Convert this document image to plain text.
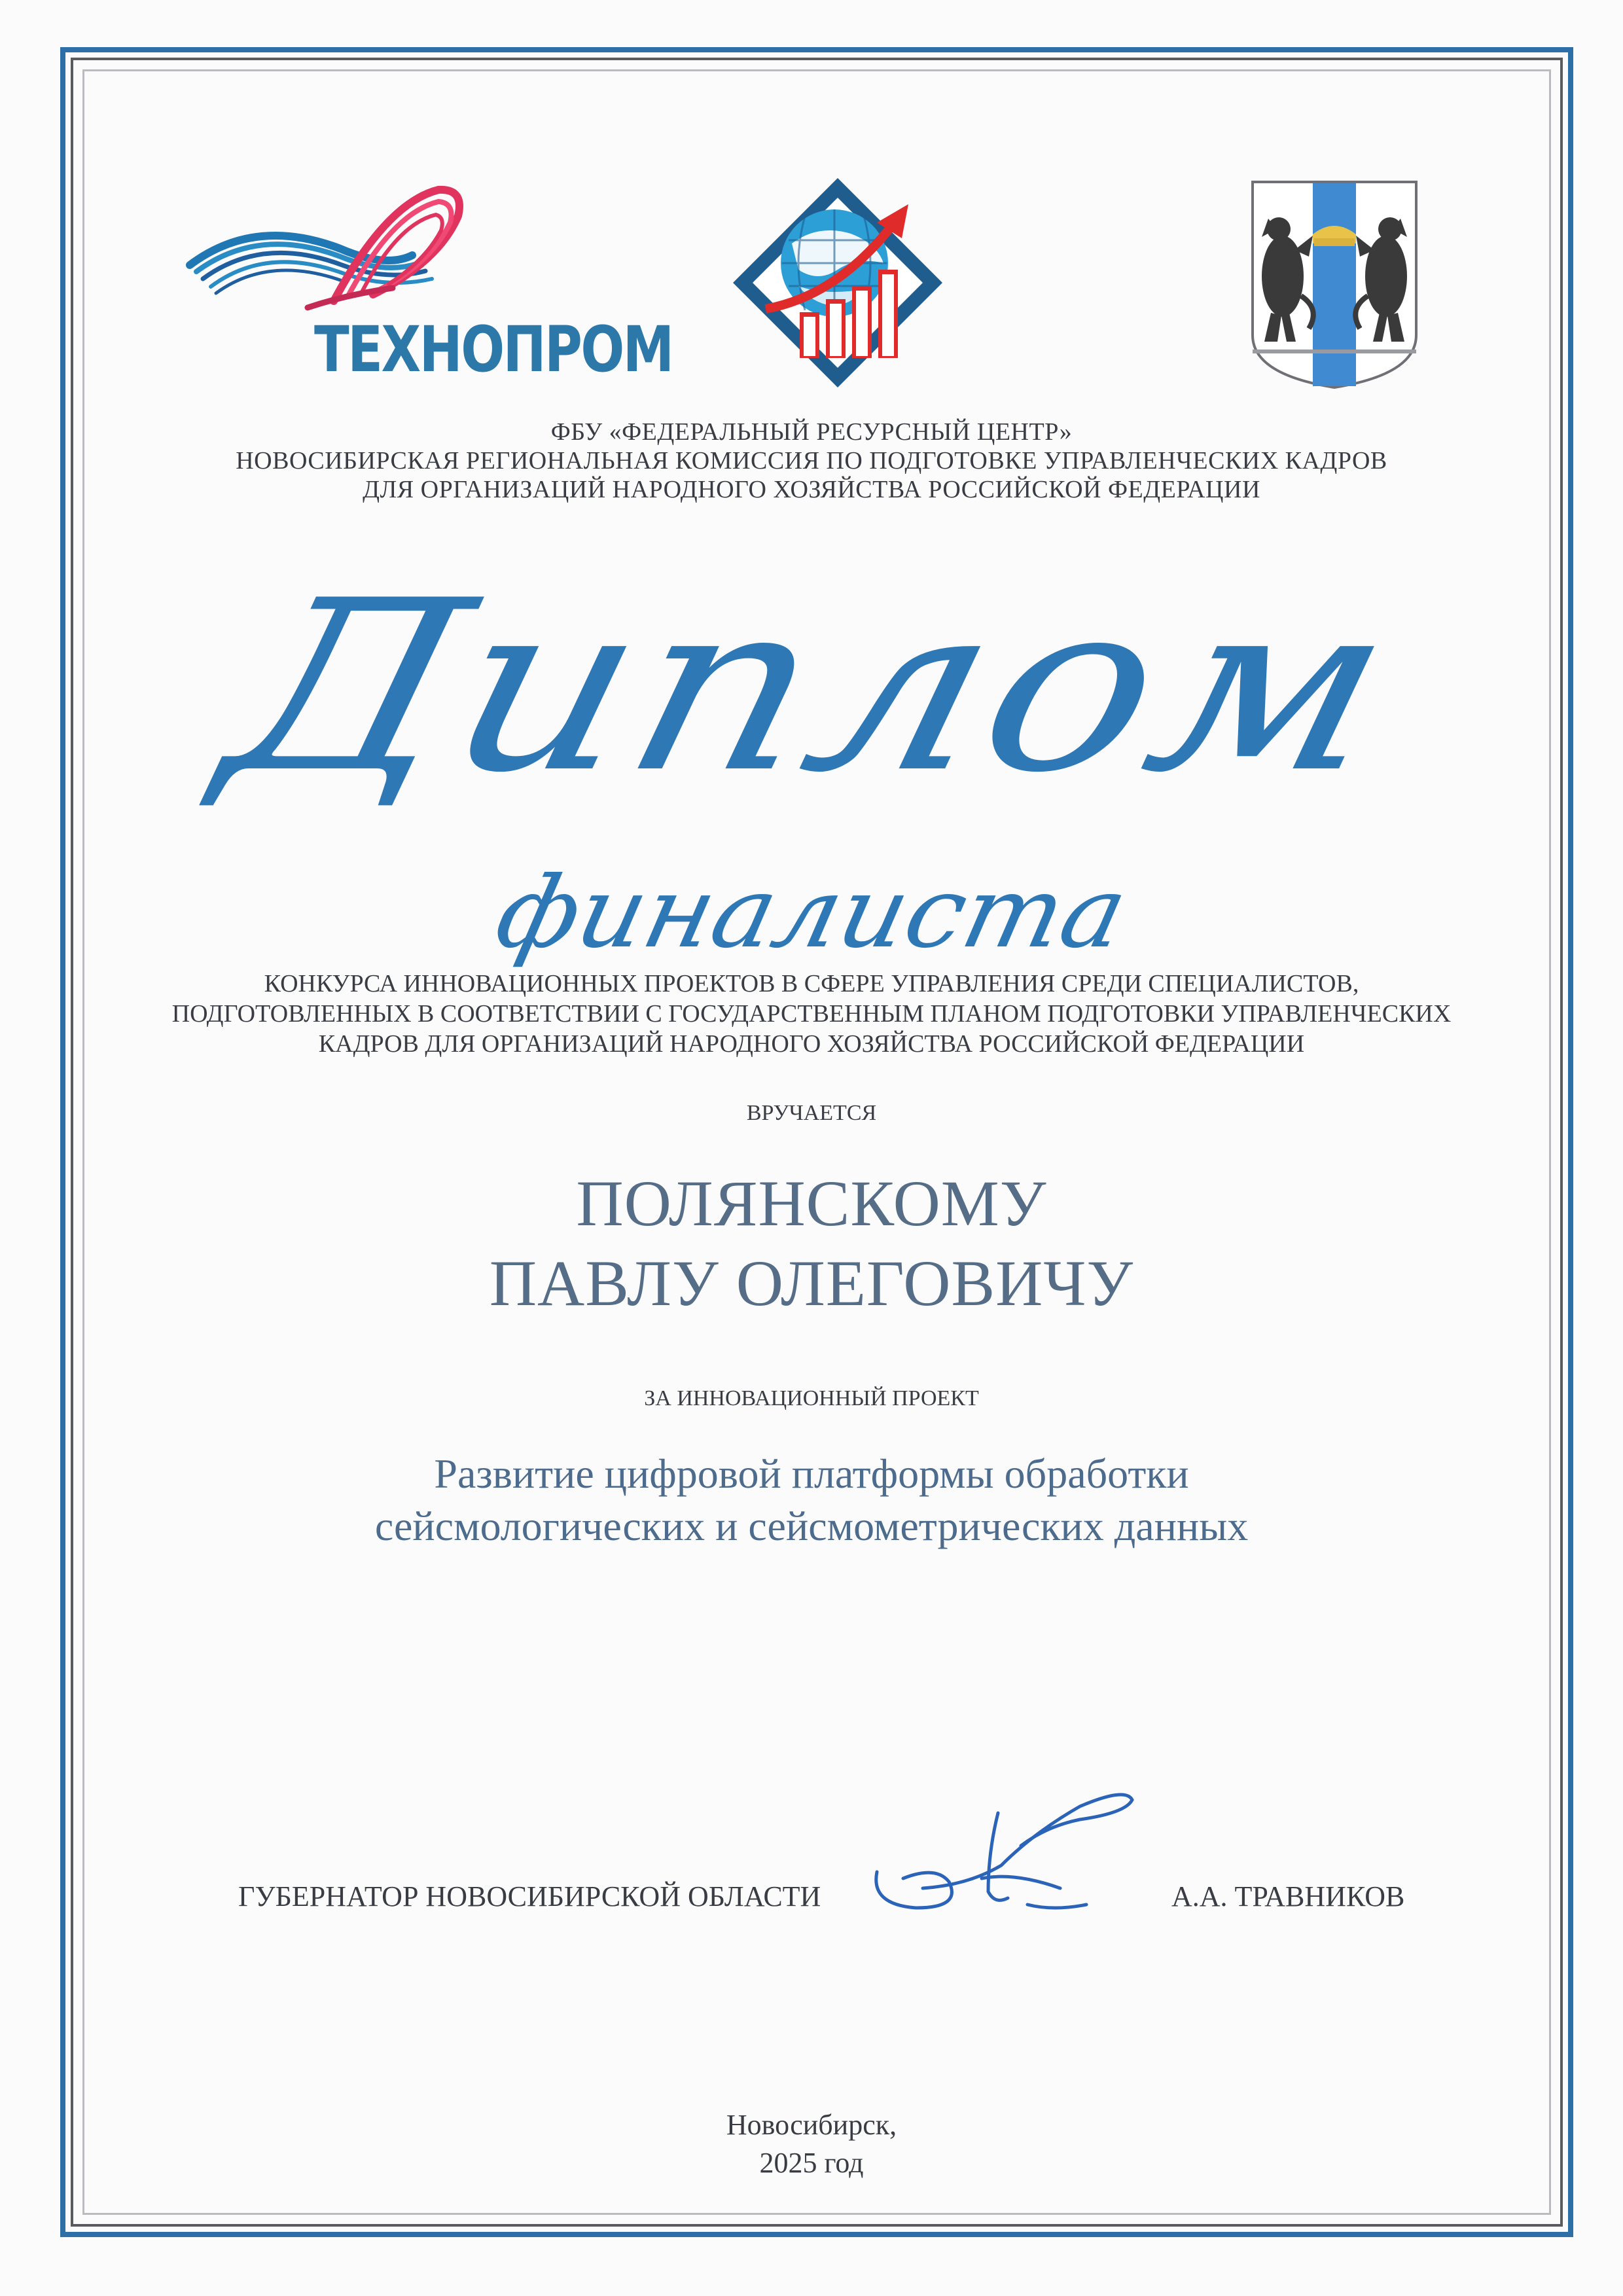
ТЕХНОПРОМ
ФБУ «ФЕДЕРАЛЬНЫЙ РЕСУРСНЫЙ ЦЕНТР»
НОВОСИБИРСКАЯ РЕГИОНАЛЬНАЯ КОМИССИЯ ПО ПОДГОТОВКЕ УПРАВЛЕНЧЕСКИХ КАДРОВ
ДЛЯ ОРГАНИЗАЦИЙ НАРОДНОГО ХОЗЯЙСТВА РОССИЙСКОЙ ФЕДЕРАЦИИ
Диплом
финалиста
КОНКУРСА ИННОВАЦИОННЫХ ПРОЕКТОВ В СФЕРЕ УПРАВЛЕНИЯ СРЕДИ СПЕЦИАЛИСТОВ,
ПОДГОТОВЛЕННЫХ В СООТВЕТСТВИИ С ГОСУДАРСТВЕННЫМ ПЛАНОМ ПОДГОТОВКИ УПРАВЛЕНЧЕСКИХ
КАДРОВ ДЛЯ ОРГАНИЗАЦИЙ НАРОДНОГО ХОЗЯЙСТВА РОССИЙСКОЙ ФЕДЕРАЦИИ
ВРУЧАЕТСЯ
ПОЛЯНСКОМУ
ПАВЛУ ОЛЕГОВИЧУ
ЗА ИННОВАЦИОННЫЙ ПРОЕКТ
Развитие цифровой платформы обработки
сейсмологических и сейсмометрических данных
ГУБЕРНАТОР НОВОСИБИРСКОЙ ОБЛАСТИ	А.А. ТРАВНИКОВ
Новосибирск,
2025 год
